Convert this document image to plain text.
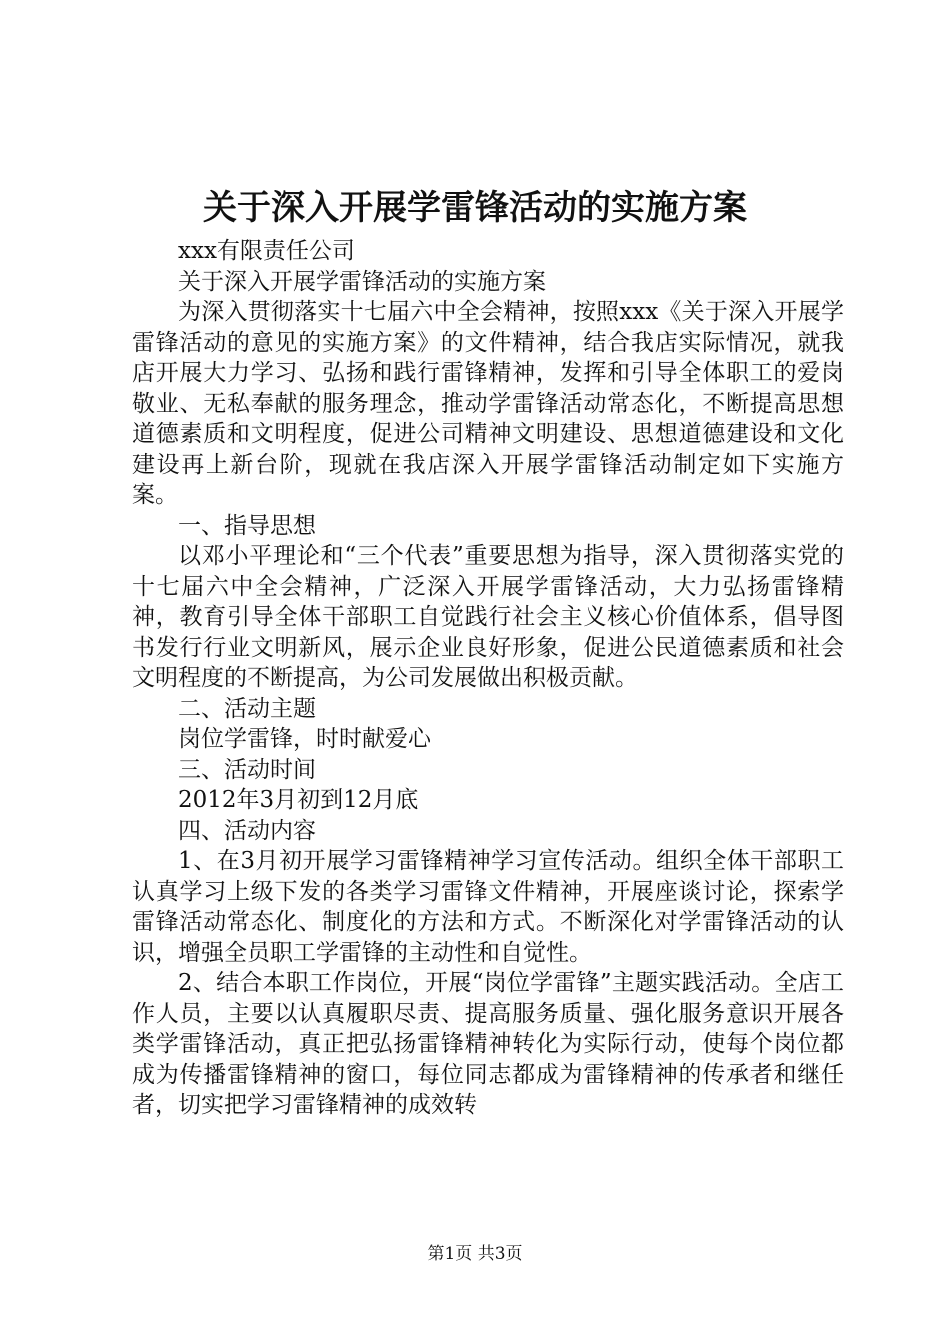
关于深入开展学雷锋活动的实施方案

xxx有限责任公司

关于深入开展学雷锋活动的实施方案

为深入贯彻落实十七届六中全会精神，按照xxx《关于深入开展学雷锋活动的意见的实施方案》的文件精神，结合我店实际情况，就我店开展大力学习、弘扬和践行雷锋精神，发挥和引导全体职工的爱岗敬业、无私奉献的服务理念，推动学雷锋活动常态化，不断提高思想道德素质和文明程度，促进公司精神文明建设、思想道德建设和文化建设再上新台阶，现就在我店深入开展学雷锋活动制定如下实施方案。

一、指导思想

以邓小平理论和“三个代表”重要思想为指导，深入贯彻落实党的十七届六中全会精神，广泛深入开展学雷锋活动，大力弘扬雷锋精神，教育引导全体干部职工自觉践行社会主义核心价值体系，倡导图书发行行业文明新风，展示企业良好形象，促进公民道德素质和社会文明程度的不断提高，为公司发展做出积极贡献。

二、活动主题

岗位学雷锋，时时献爱心

三、活动时间

2012年3月初到12月底

四、活动内容

1、在3月初开展学习雷锋精神学习宣传活动。组织全体干部职工认真学习上级下发的各类学习雷锋文件精神，开展座谈讨论，探索学雷锋活动常态化、制度化的方法和方式。不断深化对学雷锋活动的认识，增强全员职工学雷锋的主动性和自觉性。

2、结合本职工作岗位，开展“岗位学雷锋”主题实践活动。全店工作人员，主要以认真履职尽责、提高服务质量、强化服务意识开展各类学雷锋活动，真正把弘扬雷锋精神转化为实际行动，使每个岗位都成为传播雷锋精神的窗口，每位同志都成为雷锋精神的传承者和继任者，切实把学习雷锋精神的成效转

第1页 共3页
